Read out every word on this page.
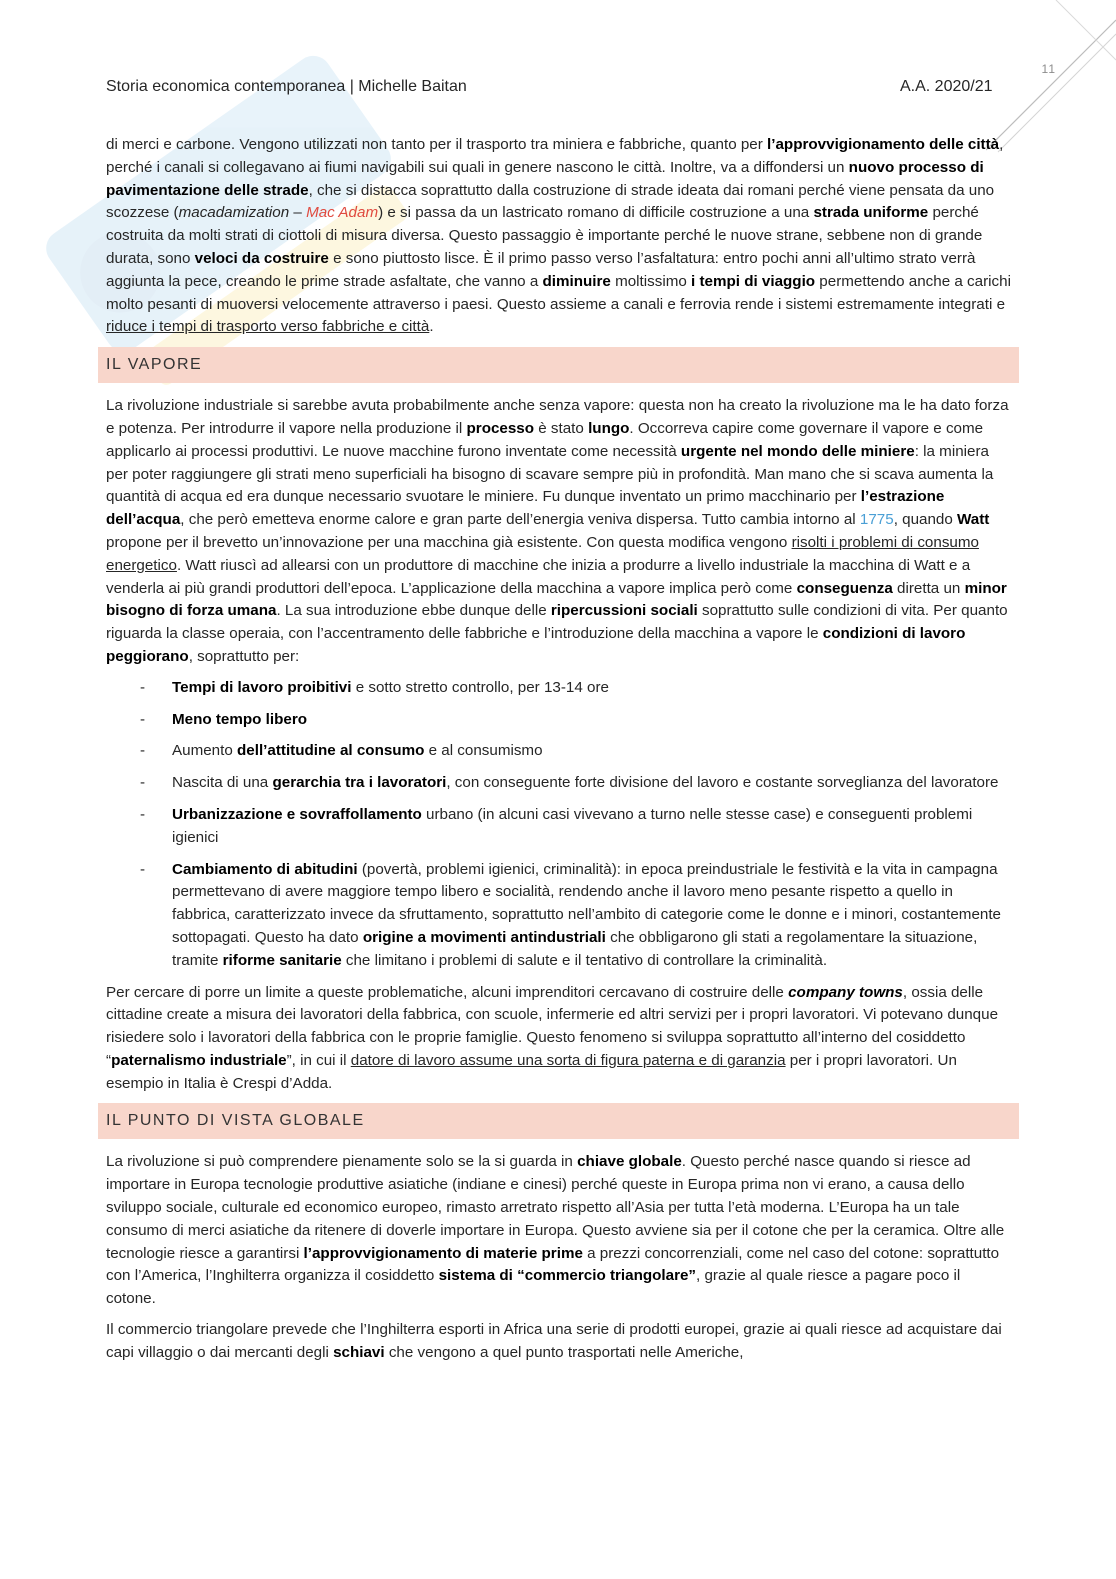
11
Storia economica contemporanea | Michelle Baitan	A.A. 2020/21

di merci e carbone. Vengono utilizzati non tanto per il trasporto tra miniera e fabbriche, quanto per l’approvvigionamento delle città, perché i canali si collegavano ai fiumi navigabili sui quali in genere nascono le città. Inoltre, va a diffondersi un nuovo processo di pavimentazione delle strade, che si distacca soprattutto dalla costruzione di strade ideata dai romani perché viene pensata da uno scozzese (macadamization – Mac Adam) e si passa da un lastricato romano di difficile costruzione a una strada uniforme perché costruita da molti strati di ciottoli di misura diversa. Questo passaggio è importante perché le nuove strane, sebbene non di grande durata, sono veloci da costruire e sono piuttosto lisce. È il primo passo verso l’asfaltatura: entro pochi anni all’ultimo strato verrà aggiunta la pece, creando le prime strade asfaltate, che vanno a diminuire moltissimo i tempi di viaggio permettendo anche a carichi molto pesanti di muoversi velocemente attraverso i paesi. Questo assieme a canali e ferrovia rende i sistemi estremamente integrati e riduce i tempi di trasporto verso fabbriche e città.

IL VAPORE

La rivoluzione industriale si sarebbe avuta probabilmente anche senza vapore: questa non ha creato la rivoluzione ma le ha dato forza e potenza. Per introdurre il vapore nella produzione il processo è stato lungo. Occorreva capire come governare il vapore e come applicarlo ai processi produttivi. Le nuove macchine furono inventate come necessità urgente nel mondo delle miniere: la miniera per poter raggiungere gli strati meno superficiali ha bisogno di scavare sempre più in profondità. Man mano che si scava aumenta la quantità di acqua ed era dunque necessario svuotare le miniere. Fu dunque inventato un primo macchinario per l’estrazione dell’acqua, che però emetteva enorme calore e gran parte dell’energia veniva dispersa. Tutto cambia intorno al 1775, quando Watt propone per il brevetto un’innovazione per una macchina già esistente. Con questa modifica vengono risolti i problemi di consumo energetico. Watt riuscì ad allearsi con un produttore di macchine che inizia a produrre a livello industriale la macchina di Watt e a venderla ai più grandi produttori dell’epoca. L’applicazione della macchina a vapore implica però come conseguenza diretta un minor bisogno di forza umana. La sua introduzione ebbe dunque delle ripercussioni sociali soprattutto sulle condizioni di vita. Per quanto riguarda la classe operaia, con l’accentramento delle fabbriche e l’introduzione della macchina a vapore le condizioni di lavoro peggiorano, soprattutto per:

- Tempi di lavoro proibitivi e sotto stretto controllo, per 13-14 ore
- Meno tempo libero
- Aumento dell’attitudine al consumo e al consumismo
- Nascita di una gerarchia tra i lavoratori, con conseguente forte divisione del lavoro e costante sorveglianza del lavoratore
- Urbanizzazione e sovraffollamento urbano (in alcuni casi vivevano a turno nelle stesse case) e conseguenti problemi igienici
- Cambiamento di abitudini (povertà, problemi igienici, criminalità): in epoca preindustriale le festività e la vita in campagna permettevano di avere maggiore tempo libero e socialità, rendendo anche il lavoro meno pesante rispetto a quello in fabbrica, caratterizzato invece da sfruttamento, soprattutto nell’ambito di categorie come le donne e i minori, costantemente sottopagati. Questo ha dato origine a movimenti antindustriali che obbligarono gli stati a regolamentare la situazione, tramite riforme sanitarie che limitano i problemi di salute e il tentativo di controllare la criminalità.

Per cercare di porre un limite a queste problematiche, alcuni imprenditori cercavano di costruire delle company towns, ossia delle cittadine create a misura dei lavoratori della fabbrica, con scuole, infermerie ed altri servizi per i propri lavoratori. Vi potevano dunque risiedere solo i lavoratori della fabbrica con le proprie famiglie. Questo fenomeno si sviluppa soprattutto all’interno del cosiddetto “paternalismo industriale”, in cui il datore di lavoro assume una sorta di figura paterna e di garanzia per i propri lavoratori. Un esempio in Italia è Crespi d’Adda.

IL PUNTO DI VISTA GLOBALE

La rivoluzione si può comprendere pienamente solo se la si guarda in chiave globale. Questo perché nasce quando si riesce ad importare in Europa tecnologie produttive asiatiche (indiane e cinesi) perché queste in Europa prima non vi erano, a causa dello sviluppo sociale, culturale ed economico europeo, rimasto arretrato rispetto all’Asia per tutta l’età moderna. L’Europa ha un tale consumo di merci asiatiche da ritenere di doverle importare in Europa. Questo avviene sia per il cotone che per la ceramica. Oltre alle tecnologie riesce a garantirsi l’approvvigionamento di materie prime a prezzi concorrenziali, come nel caso del cotone: soprattutto con l’America, l’Inghilterra organizza il cosiddetto sistema di “commercio triangolare”, grazie al quale riesce a pagare poco il cotone.

Il commercio triangolare prevede che l’Inghilterra esporti in Africa una serie di prodotti europei, grazie ai quali riesce ad acquistare dai capi villaggio o dai mercanti degli schiavi che vengono a quel punto trasportati nelle Americhe,
